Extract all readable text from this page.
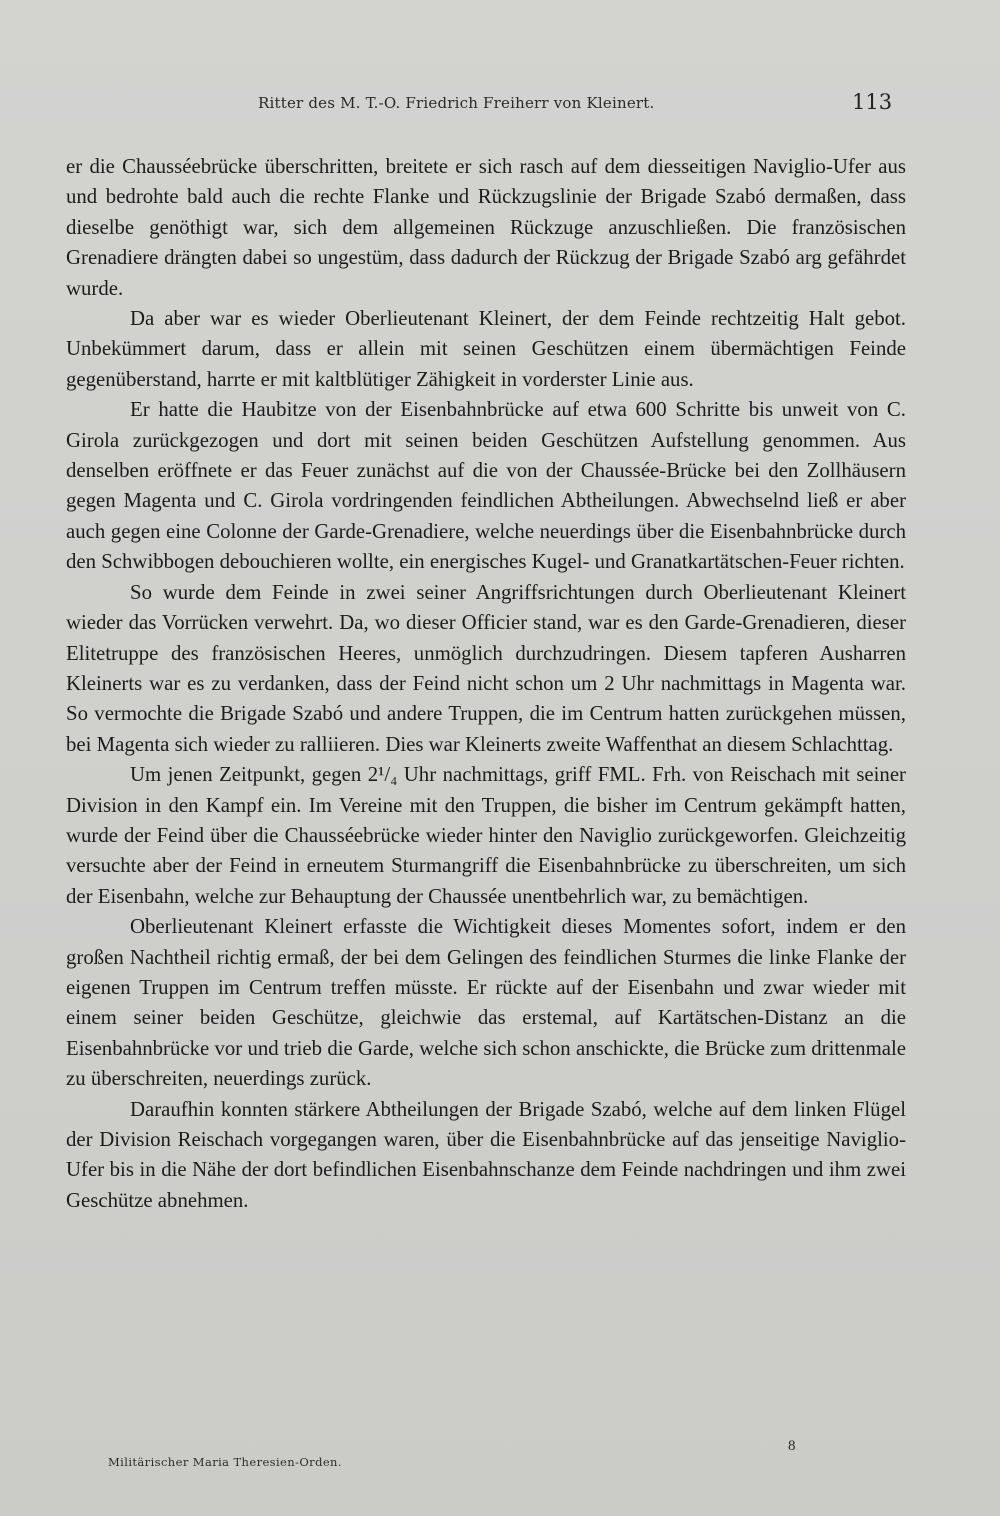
Ritter des M. T.-O. Friedrich Freiherr von Kleinert.	113

er die Chausséebrücke überschritten, breitete er sich rasch auf dem diesseitigen Naviglio-Ufer aus und bedrohte bald auch die rechte Flanke und Rückzugslinie der Brigade Szabó dermaßen, dass dieselbe genöthigt war, sich dem allgemeinen Rückzuge anzuschließen. Die französischen Grenadiere drängten dabei so ungestüm, dass dadurch der Rückzug der Brigade Szabó arg gefährdet wurde.

Da aber war es wieder Oberlieutenant Kleinert, der dem Feinde rechtzeitig Halt gebot. Unbekümmert darum, dass er allein mit seinen Geschützen einem übermächtigen Feinde gegenüberstand, harrte er mit kaltblütiger Zähigkeit in vorderster Linie aus.

Er hatte die Haubitze von der Eisenbahnbrücke auf etwa 600 Schritte bis unweit von C. Girola zurückgezogen und dort mit seinen beiden Geschützen Aufstellung genommen. Aus denselben eröffnete er das Feuer zunächst auf die von der Chaussée-Brücke bei den Zollhäusern gegen Magenta und C. Girola vordringenden feindlichen Abtheilungen. Abwechselnd ließ er aber auch gegen eine Colonne der Garde-Grenadiere, welche neuerdings über die Eisenbahnbrücke durch den Schwibbogen debouchieren wollte, ein energisches Kugel- und Granatkartätschen-Feuer richten.

So wurde dem Feinde in zwei seiner Angriffsrichtungen durch Oberlieutenant Kleinert wieder das Vorrücken verwehrt. Da, wo dieser Officier stand, war es den Garde-Grenadieren, dieser Elitetruppe des französischen Heeres, unmöglich durchzudringen. Diesem tapferen Ausharren Kleinerts war es zu verdanken, dass der Feind nicht schon um 2 Uhr nachmittags in Magenta war. So vermochte die Brigade Szabó und andere Truppen, die im Centrum hatten zurückgehen müssen, bei Magenta sich wieder zu ralliieren. Dies war Kleinerts zweite Waffenthat an diesem Schlachttag.

Um jenen Zeitpunkt, gegen 2¹/₄ Uhr nachmittags, griff FML. Frh. von Reischach mit seiner Division in den Kampf ein. Im Vereine mit den Truppen, die bisher im Centrum gekämpft hatten, wurde der Feind über die Chausséebrücke wieder hinter den Naviglio zurückgeworfen. Gleichzeitig versuchte aber der Feind in erneutem Sturmangriff die Eisenbahnbrücke zu überschreiten, um sich der Eisenbahn, welche zur Behauptung der Chaussée unentbehrlich war, zu bemächtigen.

Oberlieutenant Kleinert erfasste die Wichtigkeit dieses Momentes sofort, indem er den großen Nachtheil richtig ermaß, der bei dem Gelingen des feindlichen Sturmes die linke Flanke der eigenen Truppen im Centrum treffen müsste. Er rückte auf der Eisenbahn und zwar wieder mit einem seiner beiden Geschütze, gleichwie das erstemal, auf Kartätschen-Distanz an die Eisenbahnbrücke vor und trieb die Garde, welche sich schon anschickte, die Brücke zum drittenmale zu überschreiten, neuerdings zurück.

Daraufhin konnten stärkere Abtheilungen der Brigade Szabó, welche auf dem linken Flügel der Division Reischach vorgegangen waren, über die Eisenbahnbrücke auf das jenseitige Naviglio-Ufer bis in die Nähe der dort befindlichen Eisenbahnschanze dem Feinde nachdringen und ihm zwei Geschütze abnehmen.

8
Militärischer Maria Theresien-Orden.
